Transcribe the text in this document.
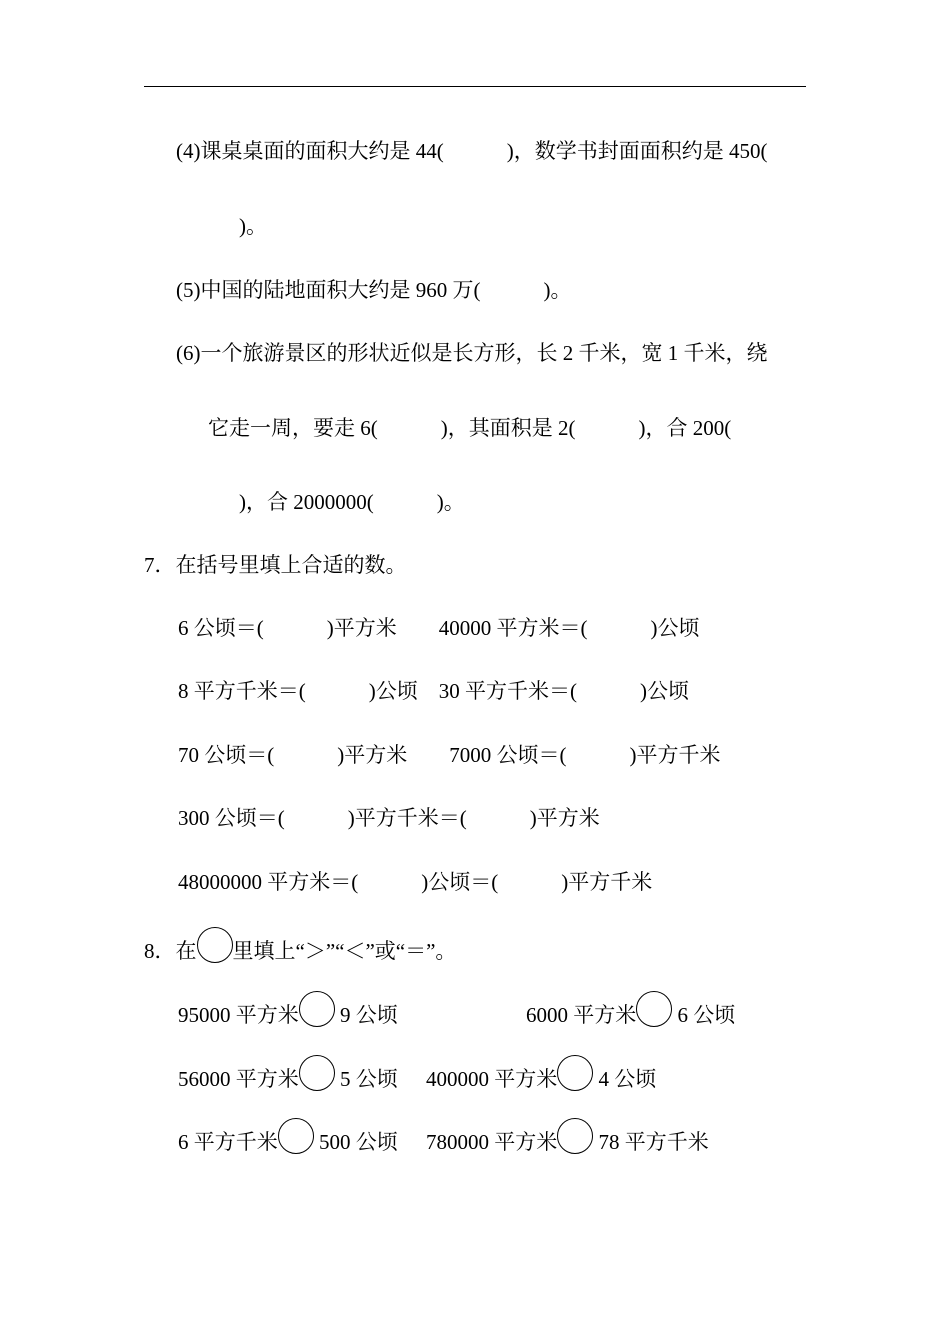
(4)课桌桌面的面积大约是 44(　　　)，数学书封面面积约是 450(
　　　)。
(5)中国的陆地面积大约是 960 万(　　　)。
(6)一个旅游景区的形状近似是长方形，长 2 千米，宽 1 千米，绕
它走一周，要走 6(　　　)，其面积是 2(　　　)，合 200(
　　　)，合 2000000(　　　)。
7．在括号里填上合适的数。
6 公顷＝(　　　)平方米　　40000 平方米＝(　　　)公顷
8 平方千米＝(　　　)公顷　30 平方千米＝(　　　)公顷
70 公顷＝(　　　)平方米　　7000 公顷＝(　　　)平方千米
300 公顷＝(　　　)平方千米＝(　　　)平方米
48000000 平方米＝(　　　)公顷＝(　　　)平方千米
8．在 里填上“＞”“＜”或“＝”。
95000 平方米 9 公顷	6000 平方米 6 公顷
56000 平方米 5 公顷 400000 平方米 4 公顷
6 平方千米 500 公顷 780000 平方米 78 平方千米
